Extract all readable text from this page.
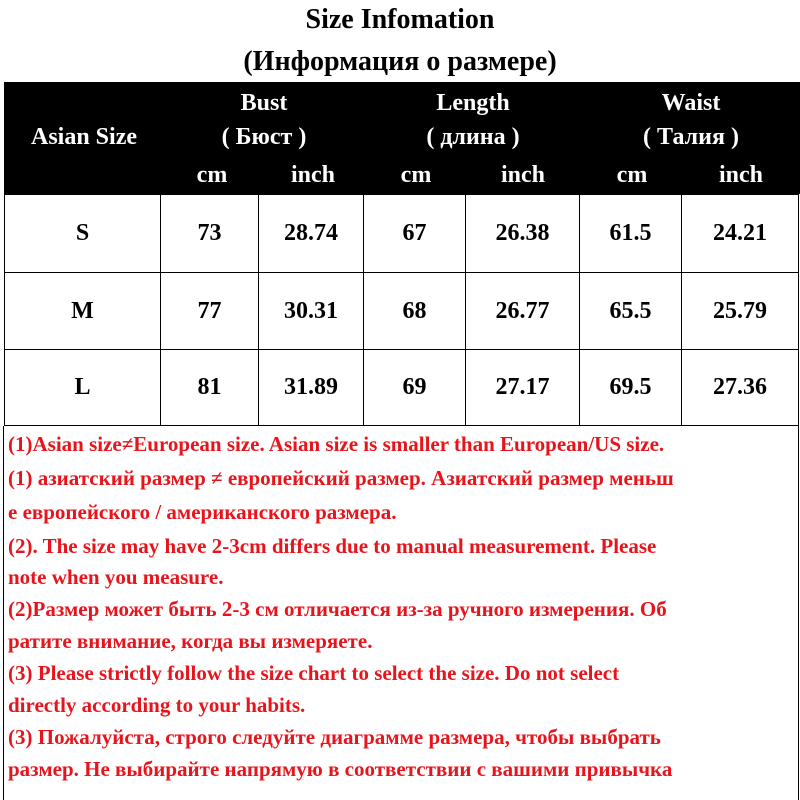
Size Infomation
(Информация о размере)
Asian Size
Bust
( Бюст )
Length
( длина )
Waist
( Талия )
cm	inch	cm	inch	cm	inch
S	73	28.74	67	26.38	61.5	24.21
M	77	30.31	68	26.77	65.5	25.79
L	81	31.89	69	27.17	69.5	27.36
(1)Asian size≠European size. Asian size is smaller than European/US size.
(1) азиатский размер ≠ европейский размер. Азиатский размер меньш
е европейского / американского размера.
(2). The size may have 2-3cm differs due to manual measurement. Please
note when you measure.
(2)Размер может быть 2-3 см отличается из-за ручного измерения. Об
ратите внимание, когда вы измеряете.
(3) Please strictly follow the size chart to select the size. Do not select
directly according to your habits.
(3) Пожалуйста, строго следуйте диаграмме размера, чтобы выбрать
размер. Не выбирайте напрямую в соответствии с вашими привычка
